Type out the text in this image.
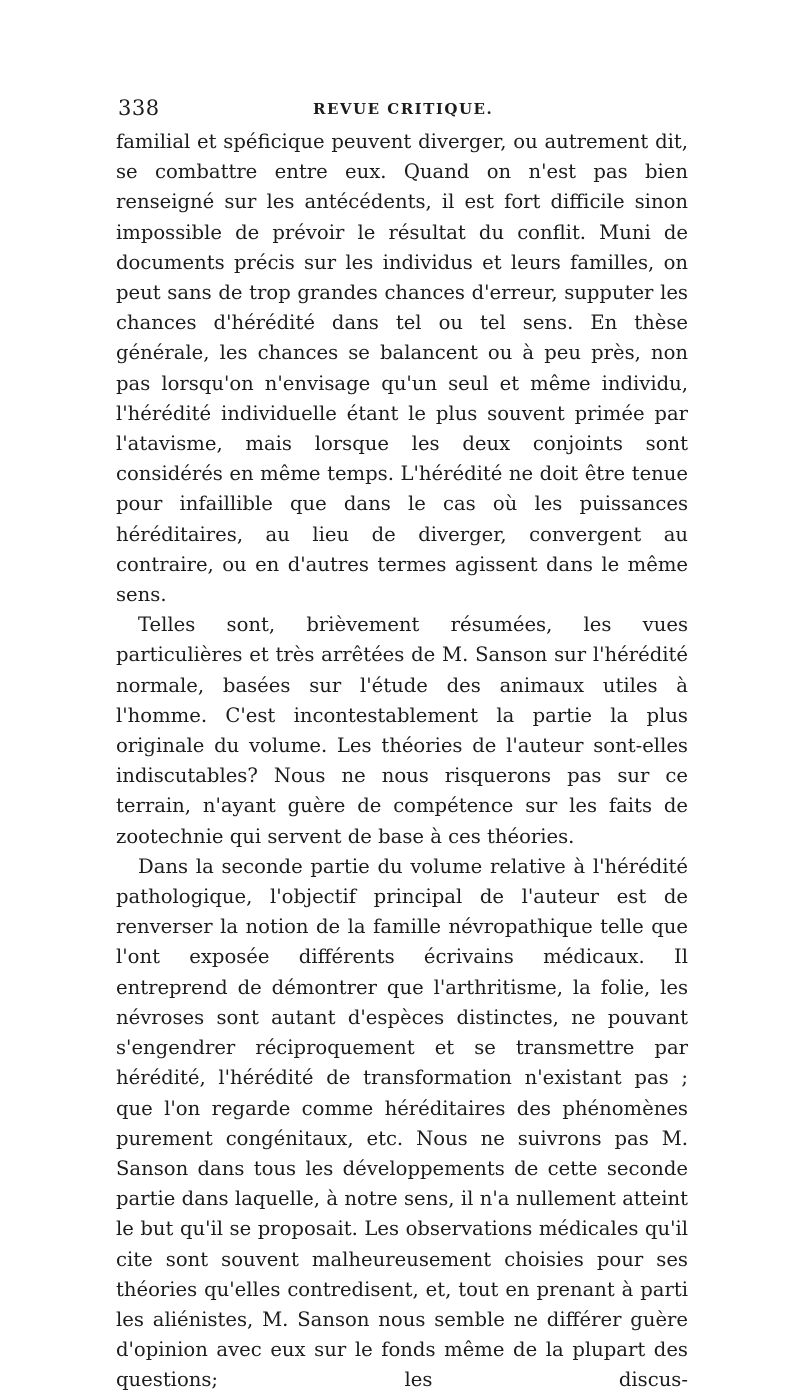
338	REVUE CRITIQUE.

familial et spéficique peuvent diverger, ou autrement dit, se combattre entre eux. Quand on n'est pas bien renseigné sur les antécédents, il est fort difficile sinon impossible de prévoir le résultat du conflit. Muni de documents précis sur les individus et leurs familles, on peut sans de trop grandes chances d'erreur, supputer les chances d'hérédité dans tel ou tel sens. En thèse générale, les chances se balancent ou à peu près, non pas lorsqu'on n'envisage qu'un seul et même individu, l'hérédité individuelle étant le plus souvent primée par l'atavisme, mais lorsque les deux conjoints sont considérés en même temps. L'hérédité ne doit être tenue pour infaillible que dans le cas où les puissances héréditaires, au lieu de diverger, convergent au contraire, ou en d'autres termes agissent dans le même sens.

Telles sont, brièvement résumées, les vues particulières et très arrêtées de M. Sanson sur l'hérédité normale, basées sur l'étude des animaux utiles à l'homme. C'est incontestablement la partie la plus originale du volume. Les théories de l'auteur sont-elles indiscutables? Nous ne nous risquerons pas sur ce terrain, n'ayant guère de compétence sur les faits de zootechnie qui servent de base à ces théories.

Dans la seconde partie du volume relative à l'hérédité pathologique, l'objectif principal de l'auteur est de renverser la notion de la famille névropathique telle que l'ont exposée différents écrivains médicaux. Il entreprend de démontrer que l'arthritisme, la folie, les névroses sont autant d'espèces distinctes, ne pouvant s'engendrer réciproquement et se transmettre par hérédité, l'hérédité de transformation n'existant pas ; que l'on regarde comme héréditaires des phénomènes purement congénitaux, etc. Nous ne suivrons pas M. Sanson dans tous les développements de cette seconde partie dans laquelle, à notre sens, il n'a nullement atteint le but qu'il se proposait. Les observations médicales qu'il cite sont souvent malheureusement choisies pour ses théories qu'elles contredisent, et, tout en prenant à parti les aliénistes, M. Sanson nous semble ne différer guère d'opinion avec eux sur le fonds même de la plupart des questions; les discus-
